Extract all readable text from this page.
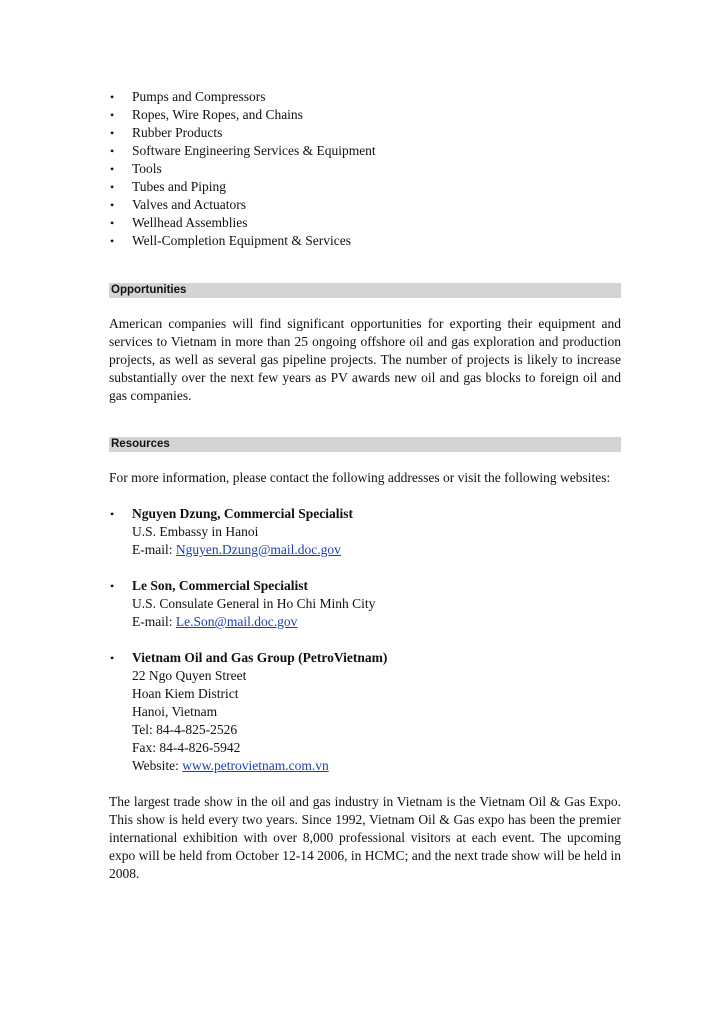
• Pumps and Compressors
• Ropes, Wire Ropes, and Chains
• Rubber Products
• Software Engineering Services & Equipment
• Tools
• Tubes and Piping
• Valves and Actuators
• Wellhead Assemblies
• Well-Completion Equipment & Services
Opportunities

American companies will find significant opportunities for exporting their equipment and services to Vietnam in more than 25 ongoing offshore oil and gas exploration and production projects, as well as several gas pipeline projects. The number of projects is likely to increase substantially over the next few years as PV awards new oil and gas blocks to foreign oil and gas companies.

Resources

For more information, please contact the following addresses or visit the following websites:

• Nguyen Dzung, Commercial Specialist
U.S. Embassy in Hanoi
E-mail: Nguyen.Dzung@mail.doc.gov
• Le Son, Commercial Specialist
U.S. Consulate General in Ho Chi Minh City
E-mail: Le.Son@mail.doc.gov
• Vietnam Oil and Gas Group (PetroVietnam)
22 Ngo Quyen Street
Hoan Kiem District
Hanoi, Vietnam
Tel: 84-4-825-2526
Fax: 84-4-826-5942
Website: www.petrovietnam.com.vn

The largest trade show in the oil and gas industry in Vietnam is the Vietnam Oil & Gas Expo. This show is held every two years. Since 1992, Vietnam Oil & Gas expo has been the premier international exhibition with over 8,000 professional visitors at each event. The upcoming expo will be held from October 12-14 2006, in HCMC; and the next trade show will be held in 2008.
